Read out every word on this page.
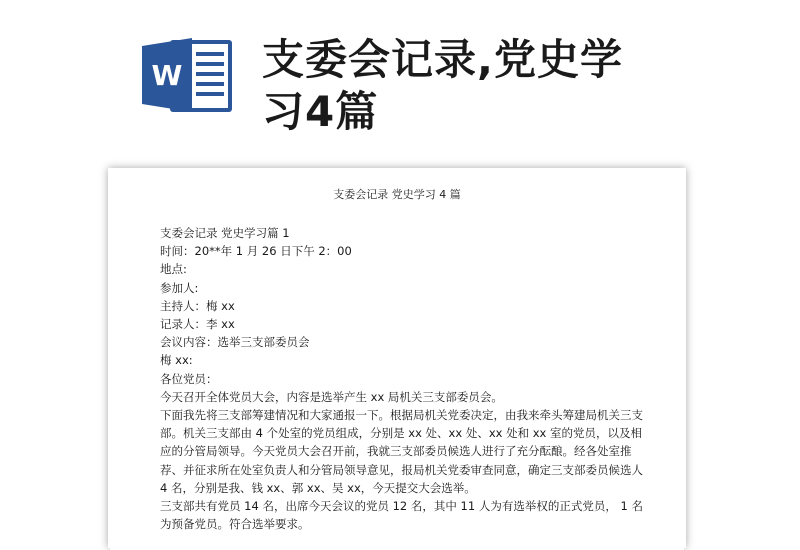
W 支委会记录,党史学习4篇
支委会记录 党史学习 4 篇
支委会记录 党史学习篇 1
时间：20**年 1 月 26 日下午 2：00
地点:
参加人:
主持人：梅 xx
记录人：李 xx
会议内容：选举三支部委员会
梅 xx:
各位党员：
今天召开全体党员大会，内容是选举产生 xx 局机关三支部委员会。
下面我先将三支部筹建情况和大家通报一下。根据局机关党委决定，由我来牵头筹建局机关三支部。机关三支部由 4 个处室的党员组成，分别是 xx 处、xx 处、xx 处和 xx 室的党员，以及相应的分管局领导。今天党员大会召开前，我就三支部委员候选人进行了充分酝酿。经各处室推荐、并征求所在处室负责人和分管局领导意见，报局机关党委审查同意，确定三支部委员候选人 4 名，分别是我、钱 xx、郭 xx、吴 xx，今天提交大会选举。
三支部共有党员 14 名，出席今天会议的党员 12 名，其中 11 人为有选举权的正式党员， 1 名为预备党员。符合选举要求。
